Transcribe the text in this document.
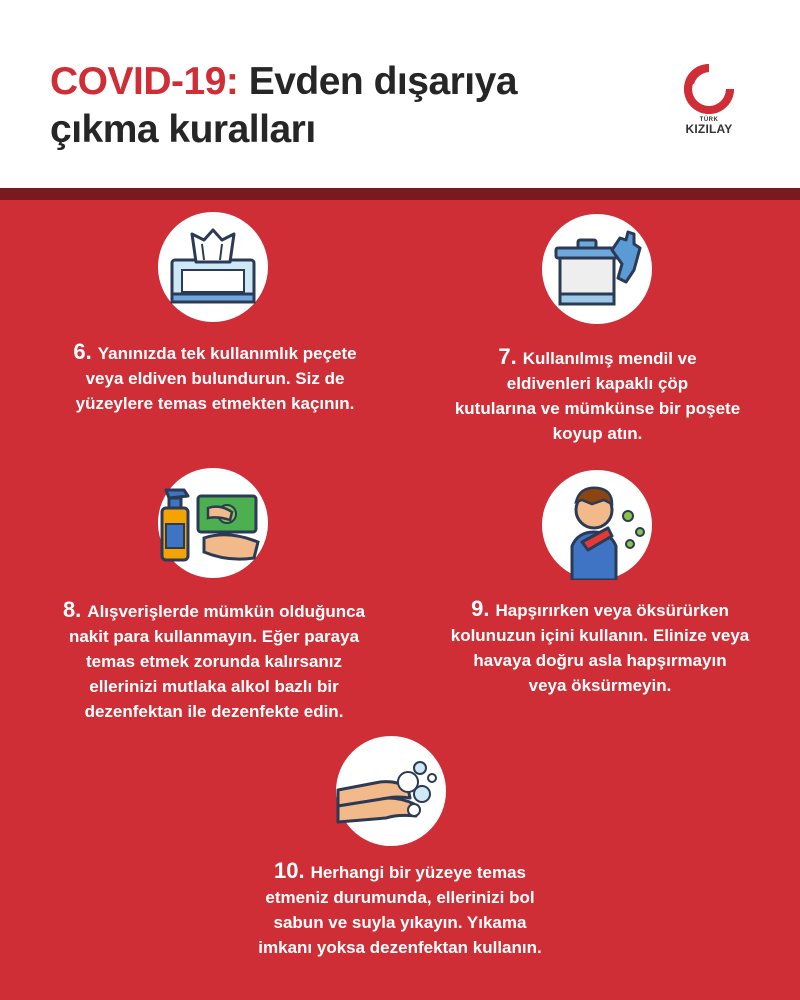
COVID-19: Evden dışarıya
çıkma kuralları	TÜRK
KIZILAY
6. Yanınızda tek kullanımlık peçete
veya eldiven bulundurun. Siz de
yüzeylere temas etmekten kaçının.
7. Kullanılmış mendil ve
eldivenleri kapaklı çöp
kutularına ve mümkünse bir poşete
koyup atın.
8. Alışverişlerde mümkün olduğunca
nakit para kullanmayın. Eğer paraya
temas etmek zorunda kalırsanız
ellerinizi mutlaka alkol bazlı bir
dezenfektan ile dezenfekte edin.
9. Hapşırırken veya öksürürken
kolunuzun içini kullanın. Elinize veya
havaya doğru asla hapşırmayın
veya öksürmeyin.
10. Herhangi bir yüzeye temas
etmeniz durumunda, ellerinizi bol
sabun ve suyla yıkayın. Yıkama
imkanı yoksa dezenfektan kullanın.
